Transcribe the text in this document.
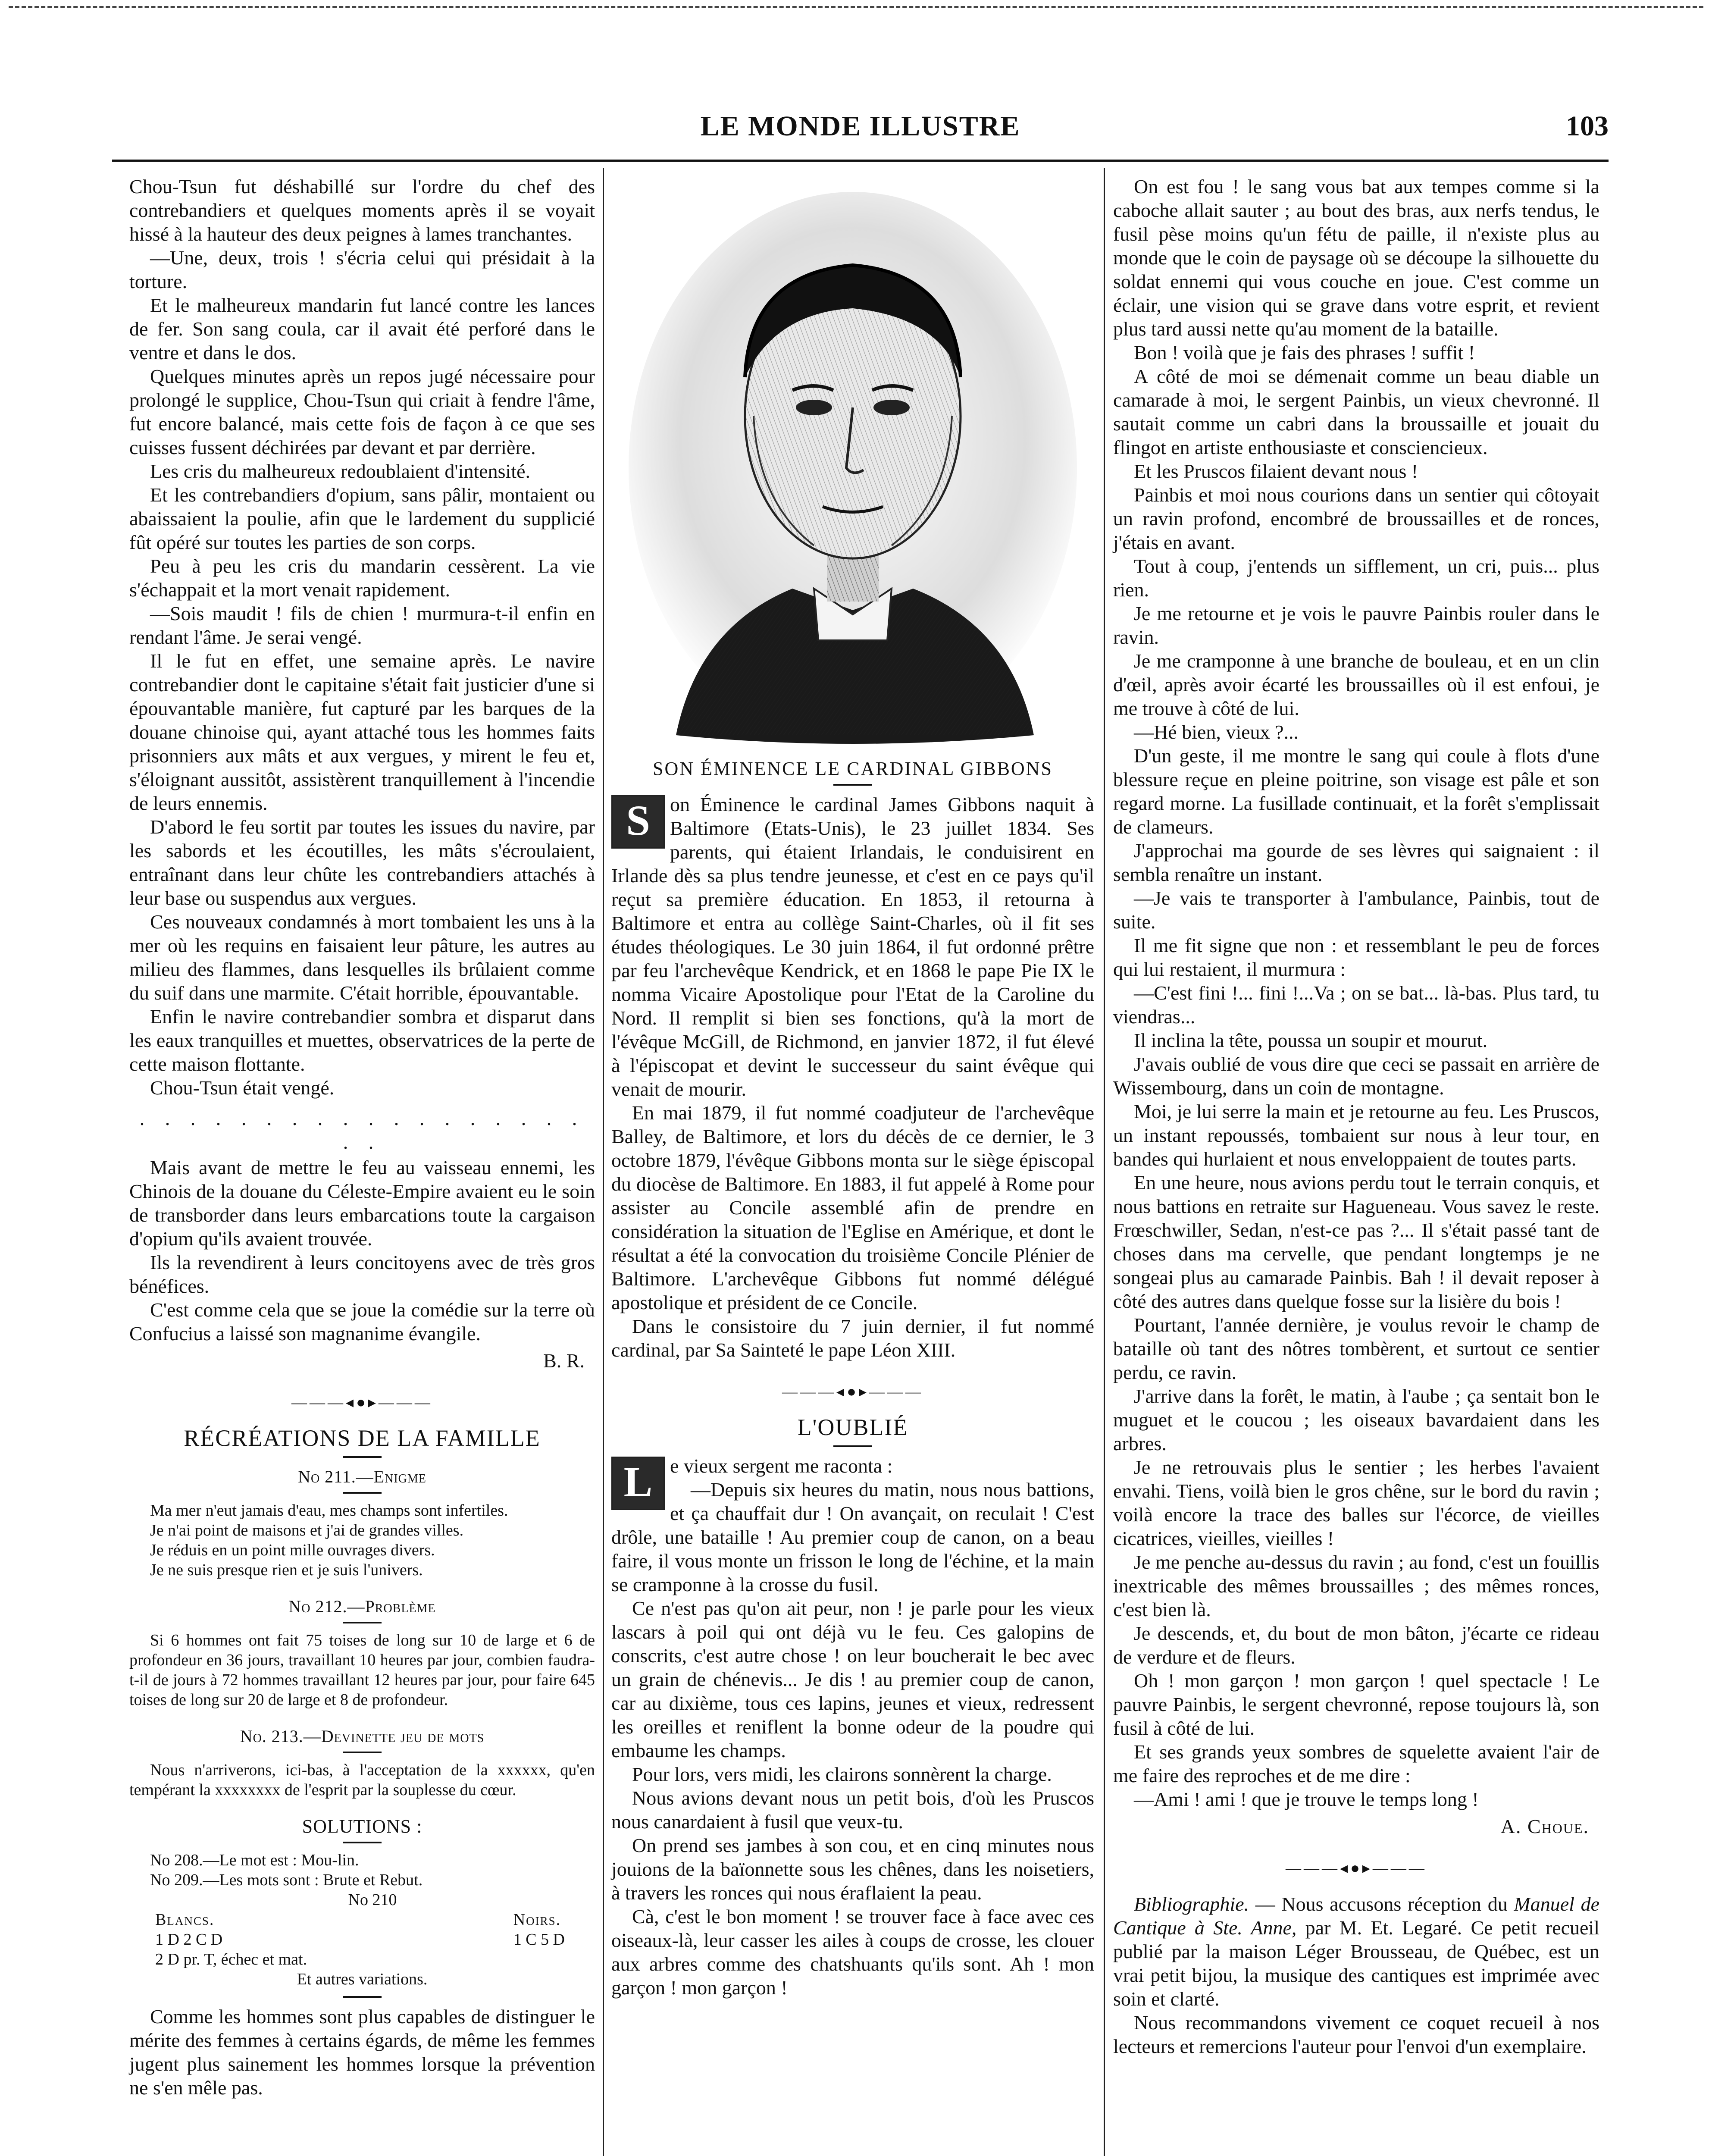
LE MONDE ILLUSTRE	103

Chou-Tsun fut déshabillé sur l'ordre du chef des contrebandiers et quelques moments après il se voyait hissé à la hauteur des deux peignes à lames tranchantes.

—Une, deux, trois ! s'écria celui qui présidait à la torture.

Et le malheureux mandarin fut lancé contre les lances de fer. Son sang coula, car il avait été perforé dans le ventre et dans le dos.

Quelques minutes après un repos jugé nécessaire pour prolongé le supplice, Chou-Tsun qui criait à fendre l'âme, fut encore balancé, mais cette fois de façon à ce que ses cuisses fussent déchirées par devant et par derrière.

Les cris du malheureux redoublaient d'intensité.

Et les contrebandiers d'opium, sans pâlir, montaient ou abaissaient la poulie, afin que le lardement du supplicié fût opéré sur toutes les parties de son corps.

Peu à peu les cris du mandarin cessèrent. La vie s'échappait et la mort venait rapidement.

—Sois maudit ! fils de chien ! murmura-t-il enfin en rendant l'âme. Je serai vengé.

Il le fut en effet, une semaine après. Le navire contrebandier dont le capitaine s'était fait justicier d'une si épouvantable manière, fut capturé par les barques de la douane chinoise qui, ayant attaché tous les hommes faits prisonniers aux mâts et aux vergues, y mirent le feu et, s'éloignant aussitôt, assistèrent tranquillement à l'incendie de leurs ennemis.

D'abord le feu sortit par toutes les issues du navire, par les sabords et les écoutilles, les mâts s'écroulaient, entraînant dans leur chûte les contrebandiers attachés à leur base ou suspendus aux vergues.

Ces nouveaux condamnés à mort tombaient les uns à la mer où les requins en faisaient leur pâture, les autres au milieu des flammes, dans lesquelles ils brûlaient comme du suif dans une marmite. C'était horrible, épouvantable.

Enfin le navire contrebandier sombra et disparut dans les eaux tranquilles et muettes, observatrices de la perte de cette maison flottante.

Chou-Tsun était vengé.

. . . . . . . . . . . . . . . . . . . .

Mais avant de mettre le feu au vaisseau ennemi, les Chinois de la douane du Céleste-Empire avaient eu le soin de transborder dans leurs embarcations toute la cargaison d'opium qu'ils avaient trouvée.

Ils la revendirent à leurs concitoyens avec de très gros bénéfices.

C'est comme cela que se joue la comédie sur la terre où Confucius a laissé son magnanime évangile.

B. R.
———◂●▸———
RÉCRÉATIONS DE LA FAMILLE
No 211.—Enigme

Ma mer n'eut jamais d'eau, mes champs sont infertiles.

Je n'ai point de maisons et j'ai de grandes villes.

Je réduis en un point mille ouvrages divers.

Je ne suis presque rien et je suis l'univers.

No 212.—Problème

Si 6 hommes ont fait 75 toises de long sur 10 de large et 6 de profondeur en 36 jours, travaillant 10 heures par jour, combien faudra-t-il de jours à 72 hommes travaillant 12 heures par jour, pour faire 645 toises de long sur 20 de large et 8 de profondeur.

No. 213.—Devinette jeu de mots

Nous n'arriverons, ici-bas, à l'acceptation de la xxxxxx, qu'en tempérant la xxxxxxxx de l'esprit par la souplesse du cœur.

SOLUTIONS :

No 208.—Le mot est : Mou-lin.

No 209.—Les mots sont : Brute et Rebut.

No 210

Blancs.
1 D 2 C D
2 D pr. T, échec et mat.
Noirs.
1 C 5 D
Et autres variations.

Comme les hommes sont plus capables de distinguer le mérite des femmes à certains égards, de même les femmes jugent plus sainement les hommes lorsque la prévention ne s'en mêle pas.

SON ÉMINENCE LE CARDINAL GIBBONS

S	on Éminence le cardinal James Gibbons naquit à Baltimore (Etats-Unis), le 23 juillet 1834. Ses parents, qui étaient Irlandais, le conduisirent en Irlande dès sa plus tendre jeunesse, et c'est en ce pays qu'il reçut sa première éducation. En 1853, il retourna à Baltimore et entra au collège Saint-Charles, où il fit ses études théologiques. Le 30 juin 1864, il fut ordonné prêtre par feu l'archevêque Kendrick, et en 1868 le pape Pie IX le nomma Vicaire Apostolique pour l'Etat de la Caroline du Nord. Il remplit si bien ses fonctions, qu'à la mort de l'évêque McGill, de Richmond, en janvier 1872, il fut élevé à l'épiscopat et devint le successeur du saint évêque qui venait de mourir.

En mai 1879, il fut nommé coadjuteur de l'archevêque Balley, de Baltimore, et lors du décès de ce dernier, le 3 octobre 1879, l'évêque Gibbons monta sur le siège épiscopal du diocèse de Baltimore. En 1883, il fut appelé à Rome pour assister au Concile assemblé afin de prendre en considération la situation de l'Eglise en Amérique, et dont le résultat a été la convocation du troisième Concile Plénier de Baltimore. L'archevêque Gibbons fut nommé délégué apostolique et président de ce Concile.

Dans le consistoire du 7 juin dernier, il fut nommé cardinal, par Sa Sainteté le pape Léon XIII.

———◂●▸———
L'OUBLIÉ

L e vieux sergent me raconta :

—Depuis six heures du matin, nous nous battions, et ça chauffait dur ! On avançait, on reculait ! C'est drôle, une bataille ! Au premier coup de canon, on a beau faire, il vous monte un frisson le long de l'échine, et la main se cramponne à la crosse du fusil.

Ce n'est pas qu'on ait peur, non ! je parle pour les vieux lascars à poil qui ont déjà vu le feu. Ces galopins de conscrits, c'est autre chose ! on leur boucherait le bec avec un grain de chénevis... Je dis ! au premier coup de canon, car au dixième, tous ces lapins, jeunes et vieux, redressent les oreilles et reniflent la bonne odeur de la poudre qui embaume les champs.

Pour lors, vers midi, les clairons sonnèrent la charge.

Nous avions devant nous un petit bois, d'où les Pruscos nous canardaient à fusil que veux-tu.

On prend ses jambes à son cou, et en cinq minutes nous jouions de la baïonnette sous les chênes, dans les noisetiers, à travers les ronces qui nous éraflaient la peau.

Cà, c'est le bon moment ! se trouver face à face avec ces oiseaux-là, leur casser les ailes à coups de crosse, les clouer aux arbres comme des chatshuants qu'ils sont. Ah ! mon garçon ! mon garçon !

On est fou ! le sang vous bat aux tempes comme si la caboche allait sauter ; au bout des bras, aux nerfs tendus, le fusil pèse moins qu'un fétu de paille, il n'existe plus au monde que le coin de paysage où se découpe la silhouette du soldat ennemi qui vous couche en joue. C'est comme un éclair, une vision qui se grave dans votre esprit, et revient plus tard aussi nette qu'au moment de la bataille.

Bon ! voilà que je fais des phrases ! suffit !

A côté de moi se démenait comme un beau diable un camarade à moi, le sergent Painbis, un vieux chevronné. Il sautait comme un cabri dans la broussaille et jouait du flingot en artiste enthousiaste et consciencieux.

Et les Pruscos filaient devant nous !

Painbis et moi nous courions dans un sentier qui côtoyait un ravin profond, encombré de broussailles et de ronces, j'étais en avant.

Tout à coup, j'entends un sifflement, un cri, puis... plus rien.

Je me retourne et je vois le pauvre Painbis rouler dans le ravin.

Je me cramponne à une branche de bouleau, et en un clin d'œil, après avoir écarté les broussailles où il est enfoui, je me trouve à côté de lui.

—Hé bien, vieux ?...

D'un geste, il me montre le sang qui coule à flots d'une blessure reçue en pleine poitrine, son visage est pâle et son regard morne. La fusillade continuait, et la forêt s'emplissait de clameurs.

J'approchai ma gourde de ses lèvres qui saignaient : il sembla renaître un instant.

—Je vais te transporter à l'ambulance, Painbis, tout de suite.

Il me fit signe que non : et ressemblant le peu de forces qui lui restaient, il murmura :

—C'est fini !... fini !...Va ; on se bat... là-bas. Plus tard, tu viendras...

Il inclina la tête, poussa un soupir et mourut.

J'avais oublié de vous dire que ceci se passait en arrière de Wissembourg, dans un coin de montagne.

Moi, je lui serre la main et je retourne au feu. Les Pruscos, un instant repoussés, tombaient sur nous à leur tour, en bandes qui hurlaient et nous enveloppaient de toutes parts.

En une heure, nous avions perdu tout le terrain conquis, et nous battions en retraite sur Hagueneau. Vous savez le reste. Frœschwiller, Sedan, n'est-ce pas ?... Il s'était passé tant de choses dans ma cervelle, que pendant longtemps je ne songeai plus au camarade Painbis. Bah ! il devait reposer à côté des autres dans quelque fosse sur la lisière du bois !

Pourtant, l'année dernière, je voulus revoir le champ de bataille où tant des nôtres tombèrent, et surtout ce sentier perdu, ce ravin.

J'arrive dans la forêt, le matin, à l'aube ; ça sentait bon le muguet et le coucou ; les oiseaux bavardaient dans les arbres.

Je ne retrouvais plus le sentier ; les herbes l'avaient envahi. Tiens, voilà bien le gros chêne, sur le bord du ravin ; voilà encore la trace des balles sur l'écorce, de vieilles cicatrices, vieilles, vieilles !

Je me penche au-dessus du ravin ; au fond, c'est un fouillis inextricable des mêmes broussailles ; des mêmes ronces, c'est bien là.

Je descends, et, du bout de mon bâton, j'écarte ce rideau de verdure et de fleurs.

Oh ! mon garçon ! mon garçon ! quel spectacle ! Le pauvre Painbis, le sergent chevronné, repose toujours là, son fusil à côté de lui.

Et ses grands yeux sombres de squelette avaient l'air de me faire des reproches et de me dire :

—Ami ! ami ! que je trouve le temps long !

A. Choue.
———◂●▸———

Bibliographie. — Nous accusons réception du Manuel de Cantique à Ste. Anne, par M. Et. Legaré. Ce petit recueil publié par la maison Léger Brousseau, de Québec, est un vrai petit bijou, la musique des cantiques est imprimée avec soin et clarté.

Nous recommandons vivement ce coquet recueil à nos lecteurs et remercions l'auteur pour l'envoi d'un exemplaire.
